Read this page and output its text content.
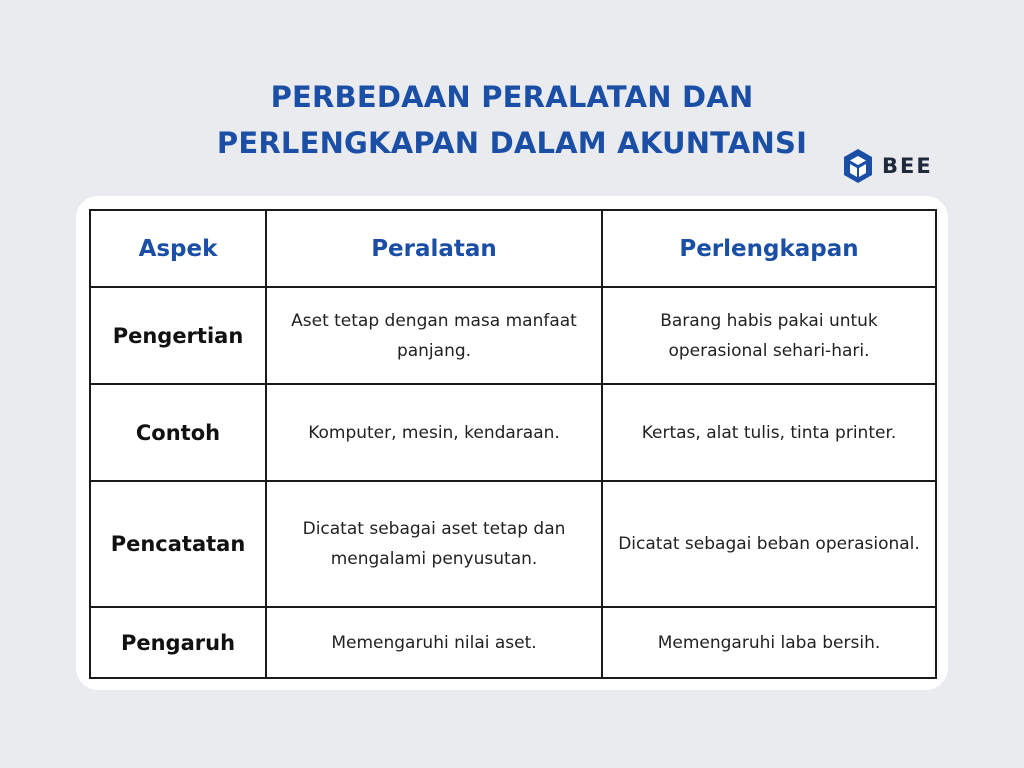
PERBEDAAN PERALATAN DAN
PERLENGKAPAN DALAM AKUNTANSI
BEE
Aspek	Peralatan	Perlengkapan
Pengertian	Aset tetap dengan masa manfaat panjang.	Barang habis pakai untuk operasional sehari-hari.
Contoh	Komputer, mesin, kendaraan.	Kertas, alat tulis, tinta printer.
Pencatatan	Dicatat sebagai aset tetap dan mengalami penyusutan.	Dicatat sebagai beban operasional.
Pengaruh	Memengaruhi nilai aset.	Memengaruhi laba bersih.
